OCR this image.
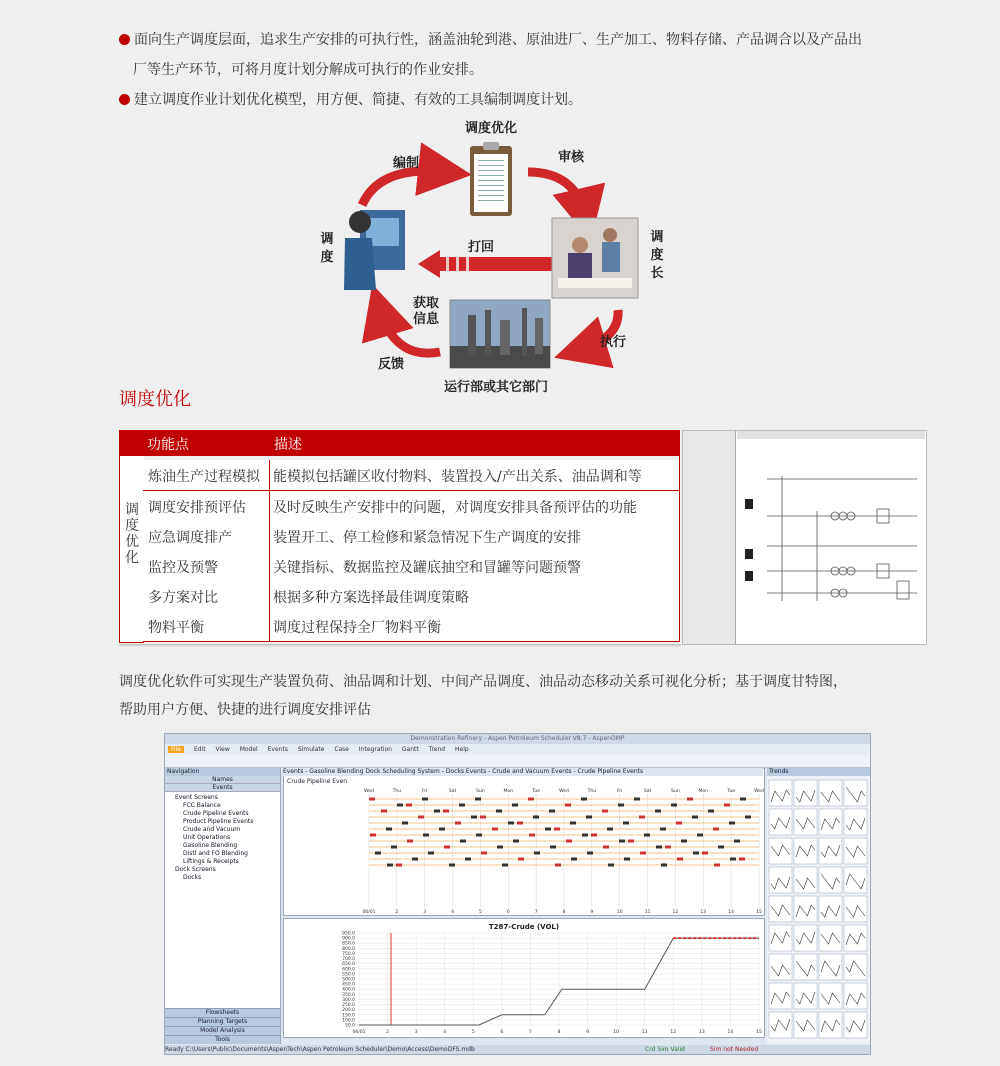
面向生产调度层面，追求生产安排的可执行性，涵盖油轮到港、原油进厂、生产加工、物料存储、产品调合以及产品出
厂等生产环节，可将月度计划分解成可执行的作业安排。
建立调度作业计划优化模型，用方便、简捷、有效的工具编制调度计划。
调度优化
编制	审核
调度
调度长
打回
获取信息
反馈
执行
运行部或其它部门
调度优化
功能点	描述
调度优化
炼油生产过程模拟 能模拟包括罐区收付物料、装置投入/产出关系、油品调和等
调度安排预评估 及时反映生产安排中的问题，对调度安排具备预评估的功能
应急调度排产	装置开工、停工检修和紧急情况下生产调度的安排
监控及预警	关键指标、数据监控及罐底抽空和冒罐等问题预警
多方案对比	根据多种方案选择最佳调度策略
物料平衡	调度过程保持全厂物料平衡
调度优化软件可实现生产装置负荷、油品调和计划、中间产品调度、油品动态移动关系可视化分析；基于调度甘特图，
帮助用户方便、快捷的进行调度安排评估
Demonstration Refinery - Aspen Petroleum Scheduler V8.7 - AspenOMP
File Edit View Model Events Simulate Case Integration Gantt Trend Help
Navigation
Names
Events
Event Screens
FCC Balance
Crude Pipeline Events
Product Pipeline Events
Crude and Vacuum
Unit Operations
Gasoline Blending
Distl and FO Blending
Liftings & Receipts
Dock Screens
Docks
Flowsheets
Planning Targets
Model Analysis
Tools
Wed	Thu	Fri	Sat	Sun	Mon	Tue	Wed	Thu	Fri	Sat	Sun	Mon	Tue	Wed
06/01	2	3	4	5	6	7	8	9	10	11	12	13	14	15
Events - Gasoline Blending Dock Scheduling System - Docks Events - Crude and Vacuum Events - Crude Pipeline Events
Crude Pipeline Even
T287-Crude (VOL)
950.0
900.0
850.0
800.0
750.0
700.0
650.0
600.0
550.0
500.0
450.0
400.0
350.0
300.0
250.0
200.0
150.0
100.0
50.0
06/01	2	3	4	5	6	7	8	9	10	11	12	13	14	15
Trends
Ready C:\Users\Public\Documents\AspenTech\Aspen Petroleum Scheduler\Demo\Access\DemoDFS.mdb	Crd Sim Valid	Sim not Needed
